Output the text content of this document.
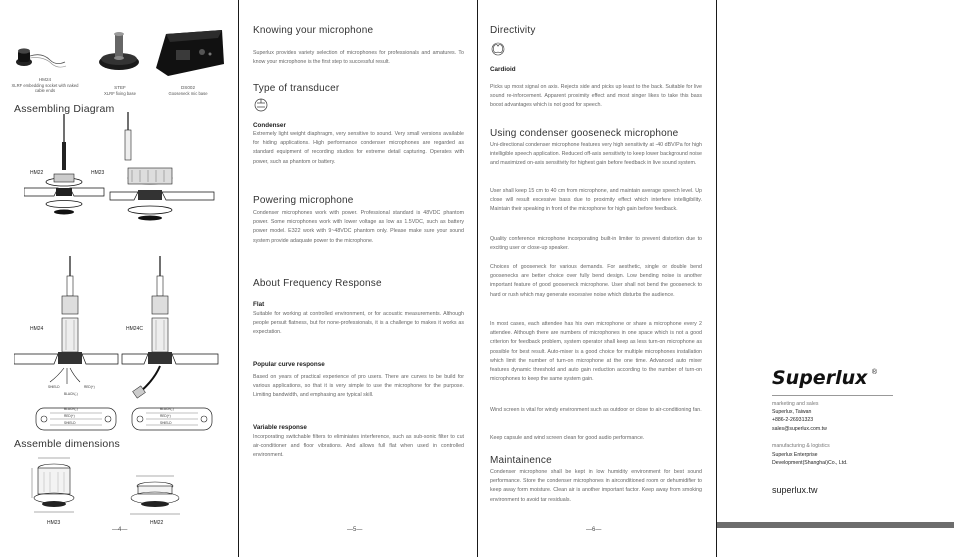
HM24
XLRF embedding socket with naked cable ends
STEF
XLRF fixing base
DS002
Gooseneck mic base
Assembling Diagram
HM22	HM23
HM24	HM24C
SHIELD	RED(+)
BLACK(-)
BLACK(-)
RED(+)
SHIELD
BLACK(-)
RED(+)
SHIELD
Assemble dimensions
HM23	HM22
—4—
Knowing your microphone
Superlux provides variety selection of microphones for professionals and amatures. To know your microphone is the first step to successful result.
Type of transducer
Condenser
Extremely light weight diaphragm, very sensitive to sound. Very small versions available for hiding applications. High performance condenser microphones are regarded as standard equipment of recording studios for extreme detail capturing. Operates with power, such as phantom or battery.
Powering microphone
Condenser microphones work with power. Professional standard is 48VDC phantom power. Some microphones work with lower voltage as low as 1.5VDC, such as battery power model. E322 work with 9~48VDC phantom only. Please make sure your sound system provide adaquate power to the microphone.
About Frequency Response
Flat
Suitable for working at controlled environment, or for acoustic measurements. Although people persuit flatness, but for none-professionals, it is a challenge to makes it works as expectation.
Popular curve response
Based on years of practical experience of pro users. There are curves to be build for various applications, so that it is very simple to use the microphone for the purpose. Limiting bandwidth, and emphasing are typical skill.
Variable response
Incorporating switchable filters to eliminiates interference, such as sub-sonic filter to cut air-conditioner and floor vibrations. And allows full flat when used in controlled environment.
—5—
Directivity
Cardioid
Picks up most signal on axis. Rejects side and picks up least to the back. Suitable for live sound re-inforcement. Apparent proximity effect and most singer likes to take this bass boost advantages which is not good for speech.
Using condenser gooseneck microphone
Uni-directional condenser microphone features very high sensitivity at -40 dBV/Pa for high intelligible speech application. Reduced off-axis sensitivity to keep lower background noise and maximized on-axis sensitivity for highest gain before feedback in live sound system.
User shall keep 15 cm to 40 cm from microphone, and maintain average speech level. Up close will result excessive bass due to proximity effect which interfere intelligibility. Maintain their speaking in front of the microphone for high gain before feedback.
Quality conference microphone incorporating built-in limiter to prevent distortion due to exciting user or close-up speaker.
Choices of gooseneck for various demands. For aesthetic, single or double bend goosenecks are better choice over fully bend design. Low bending noise is another important feature of good gooseneck microphone. User shall not bend the gooseneck to hard or rush which may generate excessive noise which disturbs the audience.
In most cases, each attendee has his own microphone or share a microphone every 2 attendee. Although there are numbers of microphones in one space which is not a good criterion for feedback problem, system operator shall keep as less turn-on microphone as possible for best result. Auto-mixer is a good choice for multiple microphones installation which limit the number of turn-on microphone at the one time. Advanced auto mixer features dynamic threshold and auto gain reduction according to the number of turn-on microphones to keep the same system gain.
Wind screen is vital for windy environment such as outdoor or close to air-conditioning fan.
Keep capsule and wind screen clean for good audio performance.
Maintainence
Condenser microphone shall be kept in low humidity environment for best sound performance. Store the condenser microphones in airconditioned room or dehumidifier to keep away form moisture. Clean air is another important factor. Keep away from smoking environment to avoid tar residuals.
—6—
Superlux ®
marketing and sales
Superlux, Taiwan
+886-2-26931323
sales@superlux.com.tw
manufacturing & logistics
Superlux Enterprise
Development(Shanghai)Co., Ltd.
superlux.tw
